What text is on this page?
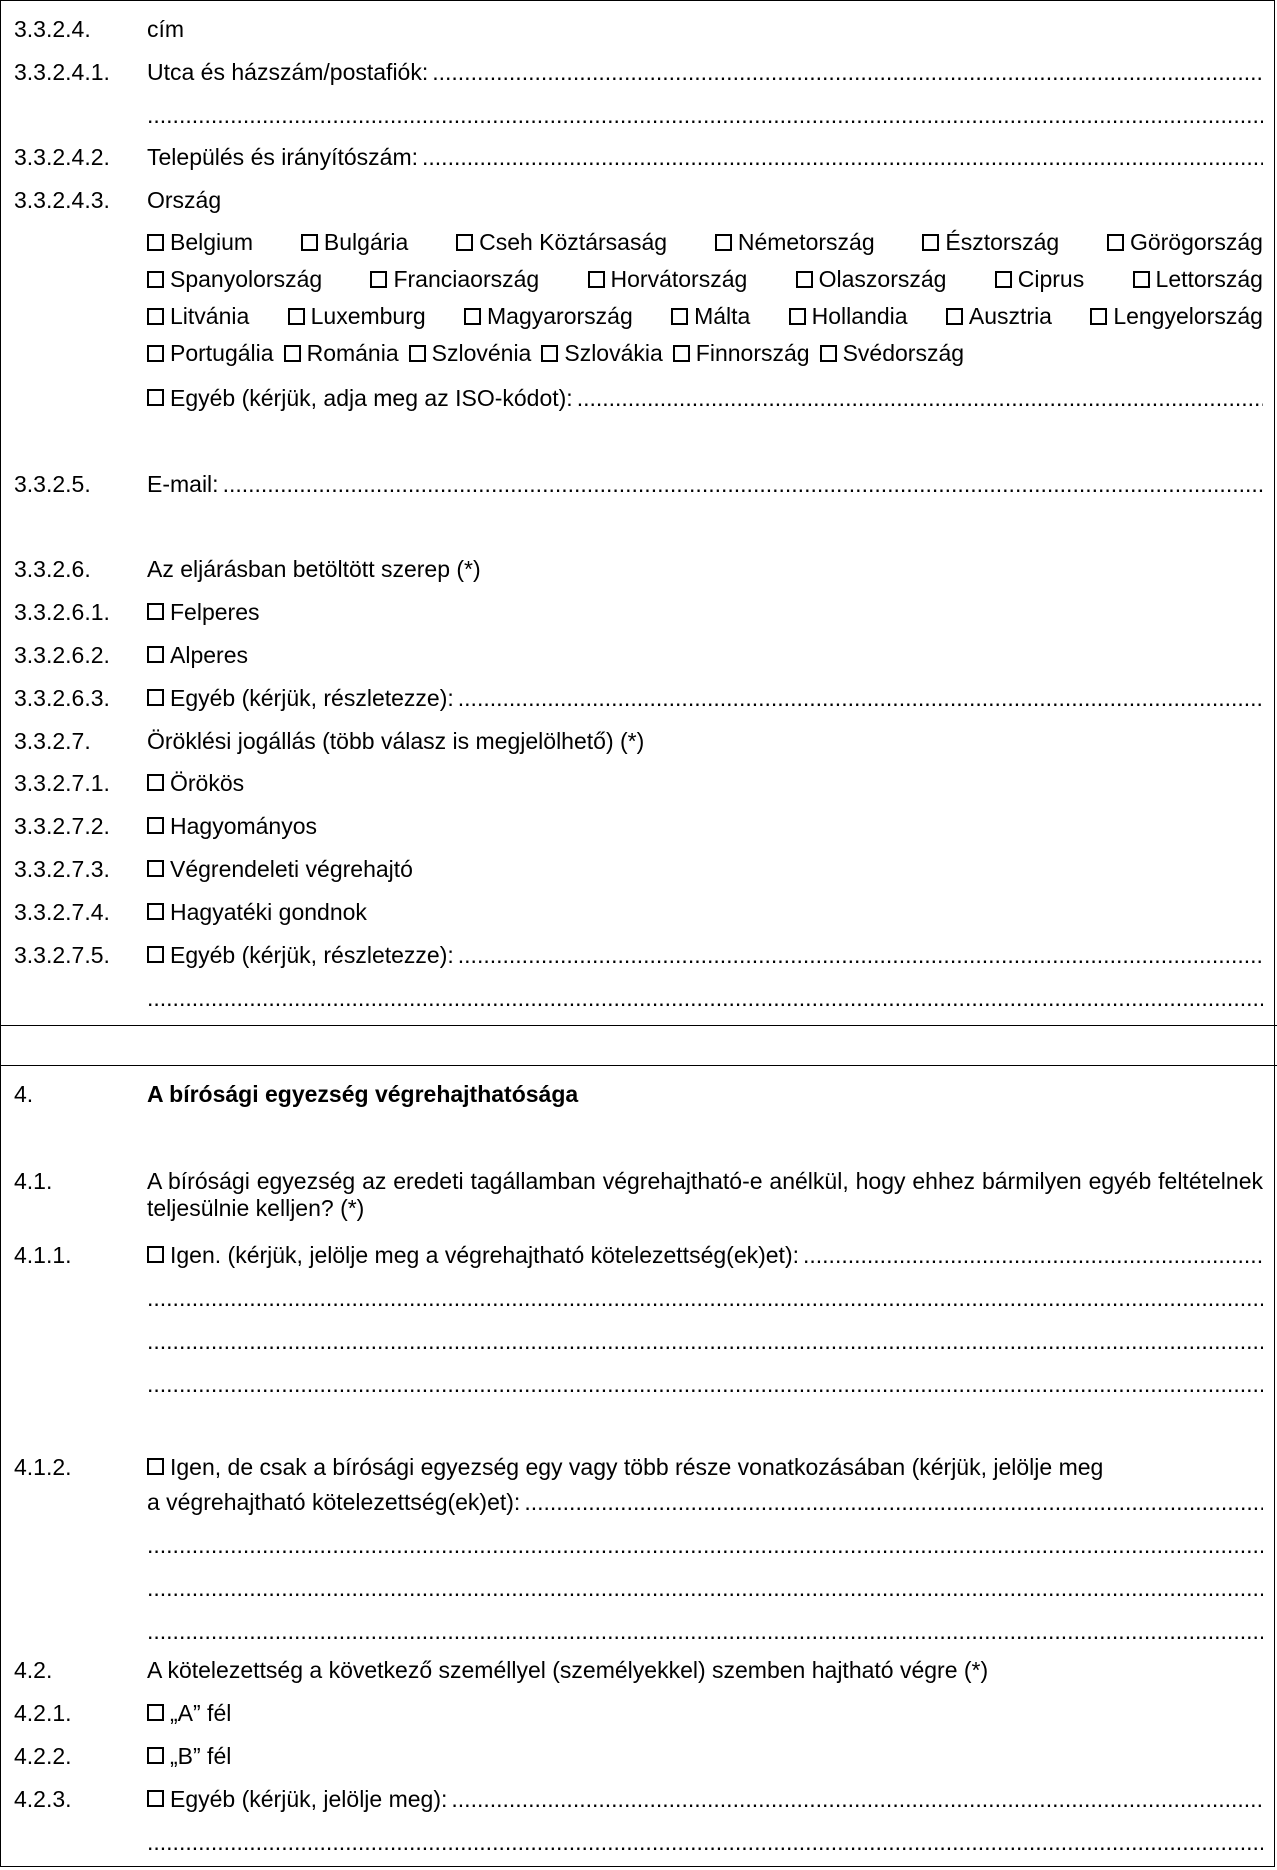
3.3.2.4. cím
3.3.2.4.1. Utca és házszám/postafiók:
.....
.....
3.3.2.4.2. Település és irányítószám:
.....
3.3.2.4.3. Ország
Belgium	Bulgária	Cseh Köztársaság	Németország	Észtország	Görögország
Spanyolország	Franciaország	Horvátország	Olaszország	Ciprus	Lettország
Litvánia	Luxemburg	Magyarország	Málta	Hollandia	Ausztria	Lengyelország
Portugália Románia Szlovénia Szlovákia Finnország Svédország
Egyéb (kérjük, adja meg az ISO-kódot):
.....
3.3.2.5. E-mail:
.....
3.3.2.6. Az eljárásban betöltött szerep (*)
3.3.2.6.1.	Felperes
3.3.2.6.2.	Alperes
3.3.2.6.3.	Egyéb (kérjük, részletezze):
.....
3.3.2.7. Öröklési jogállás (több válasz is megjelölhető) (*)
3.3.2.7.1.	Örökös
3.3.2.7.2.	Hagyományos
3.3.2.7.3.	Végrendeleti végrehajtó
3.3.2.7.4.	Hagyatéki gondnok
3.3.2.7.5.	Egyéb (kérjük, részletezze):
.....
.....
4.	A bírósági egyezség végrehajthatósága
4.1.	A bírósági egyezség az eredeti tagállamban végrehajtható-e anélkül, hogy ehhez bármilyen egyéb feltételnek teljesülnie kelljen? (*)
4.1.1.	Igen. (kérjük, jelölje meg a végrehajtható kötelezettség(ek)et):
.....
.....
.....
.....
4.1.2.	Igen, de csak a bírósági egyezség egy vagy több része vonatkozásában (kérjük, jelölje meg
a végrehajtható kötelezettség(ek)et):
.....
.....
.....
.....
4.2.	A kötelezettség a következő személlyel (személyekkel) szemben hajtható végre (*)
4.2.1.	„A” fél
4.2.2.	„B” fél
4.2.3.	Egyéb (kérjük, jelölje meg):
.....
.....
